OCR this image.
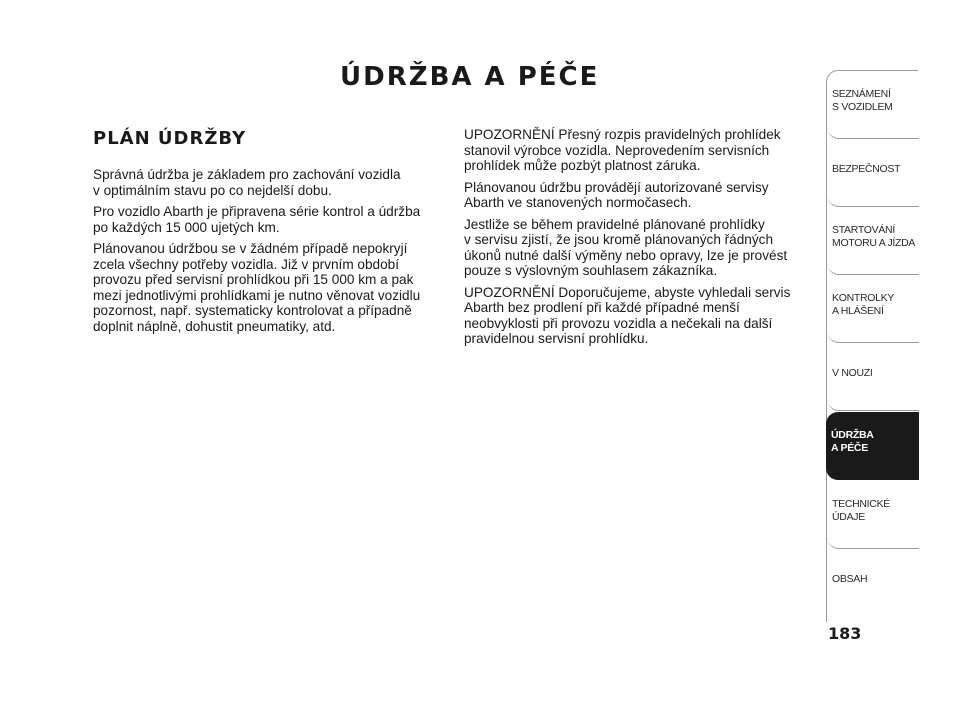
ÚDRŽBA A PÉČE
PLÁN ÚDRŽBY

Správná údržba je základem pro zachování vozidla
v optimálním stavu po co nejdelší dobu.

Pro vozidlo Abarth je připravena série kontrol a údržba
po každých 15 000 ujetých km.

Plánovanou údržbou se v žádném případě nepokryjí
zcela všechny potřeby vozidla. Již v prvním období
provozu před servisní prohlídkou při 15 000 km a pak
mezi jednotlivými prohlídkami je nutno věnovat vozidlu
pozornost, např. systematicky kontrolovat a případně
doplnit náplně, dohustit pneumatiky, atd.

UPOZORNĚNÍ Přesný rozpis pravidelných prohlídek
stanovil výrobce vozidla. Neprovedením servisních
prohlídek může pozbýt platnost záruka.

Plánovanou údržbu provádějí autorizované servisy
Abarth ve stanovených normočasech.

Jestliže se během pravidelné plánované prohlídky
v servisu zjistí, že jsou kromě plánovaných řádných
úkonů nutné další výměny nebo opravy, lze je provést
pouze s výslovným souhlasem zákazníka.

UPOZORNĚNÍ Doporučujeme, abyste vyhledali servis
Abarth bez prodlení při každé případné menší
neobvyklosti při provozu vozidla a nečekali na další
pravidelnou servisní prohlídku.

SEZNÁMENÍ
S VOZIDLEM
BEZPEČNOST
STARTOVÁNÍ
MOTORU A JÍZDA
KONTROLKY
A HLÁŠENÍ
V NOUZI
ÚDRŽBA
A PÉČE
TECHNICKÉ
ÚDAJE
OBSAH
183
